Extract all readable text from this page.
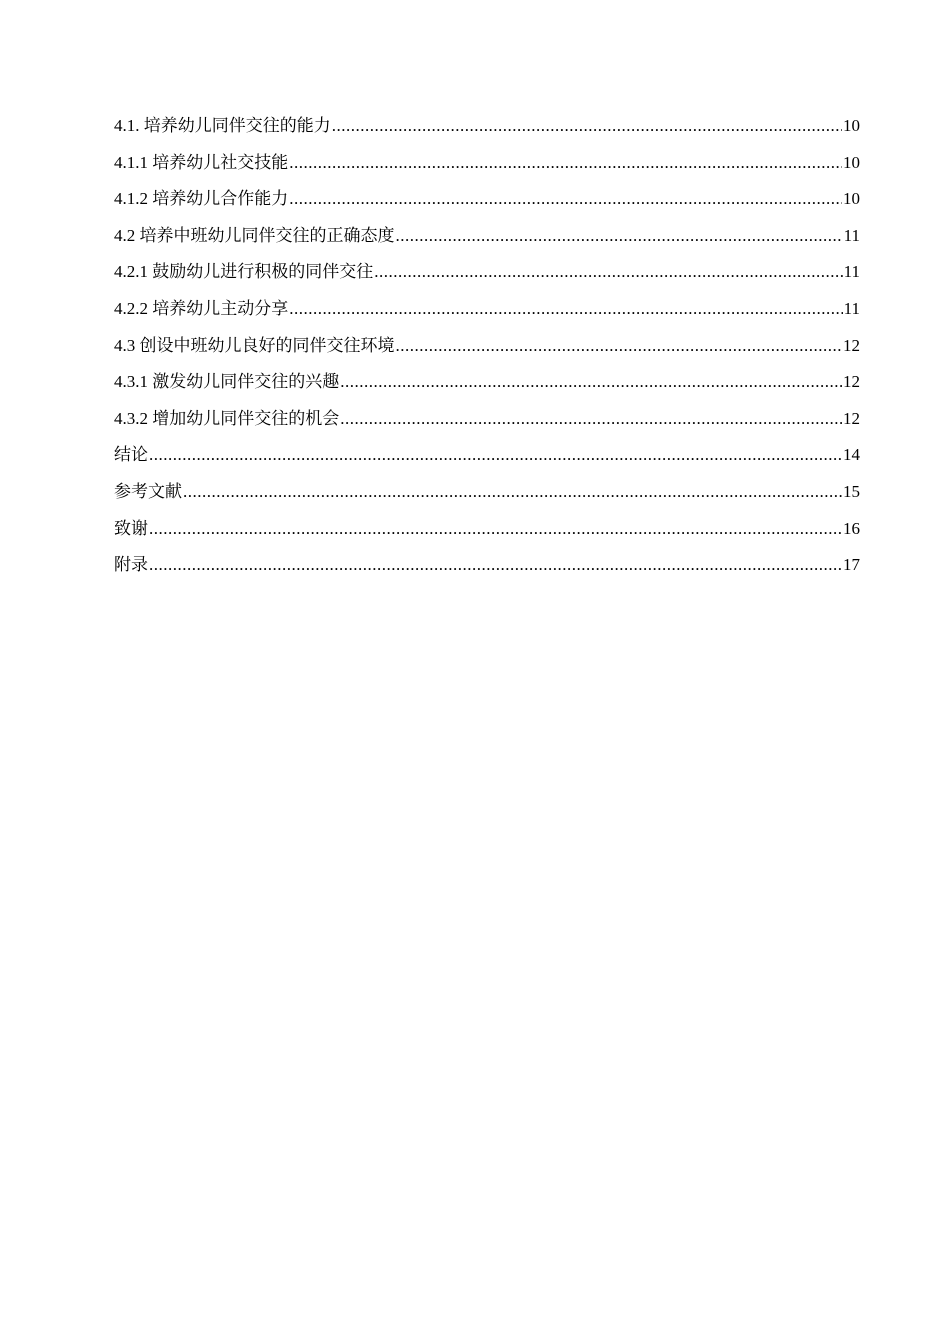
4.1. 培养幼儿同伴交往的能力 .....	10
4.1.1 培养幼儿社交技能 .....	10
4.1.2 培养幼儿合作能力 .....	10
4.2 培养中班幼儿同伴交往的正确态度 .....	11
4.2.1 鼓励幼儿进行积极的同伴交往 .....	11
4.2.2 培养幼儿主动分享 .....	11
4.3 创设中班幼儿良好的同伴交往环境 .....	12
4.3.1 激发幼儿同伴交往的兴趣 .....	12
4.3.2 增加幼儿同伴交往的机会 .....	12
结论 .....	14
参考文献 .....	15
致谢 .....	16
附录 .....	17
